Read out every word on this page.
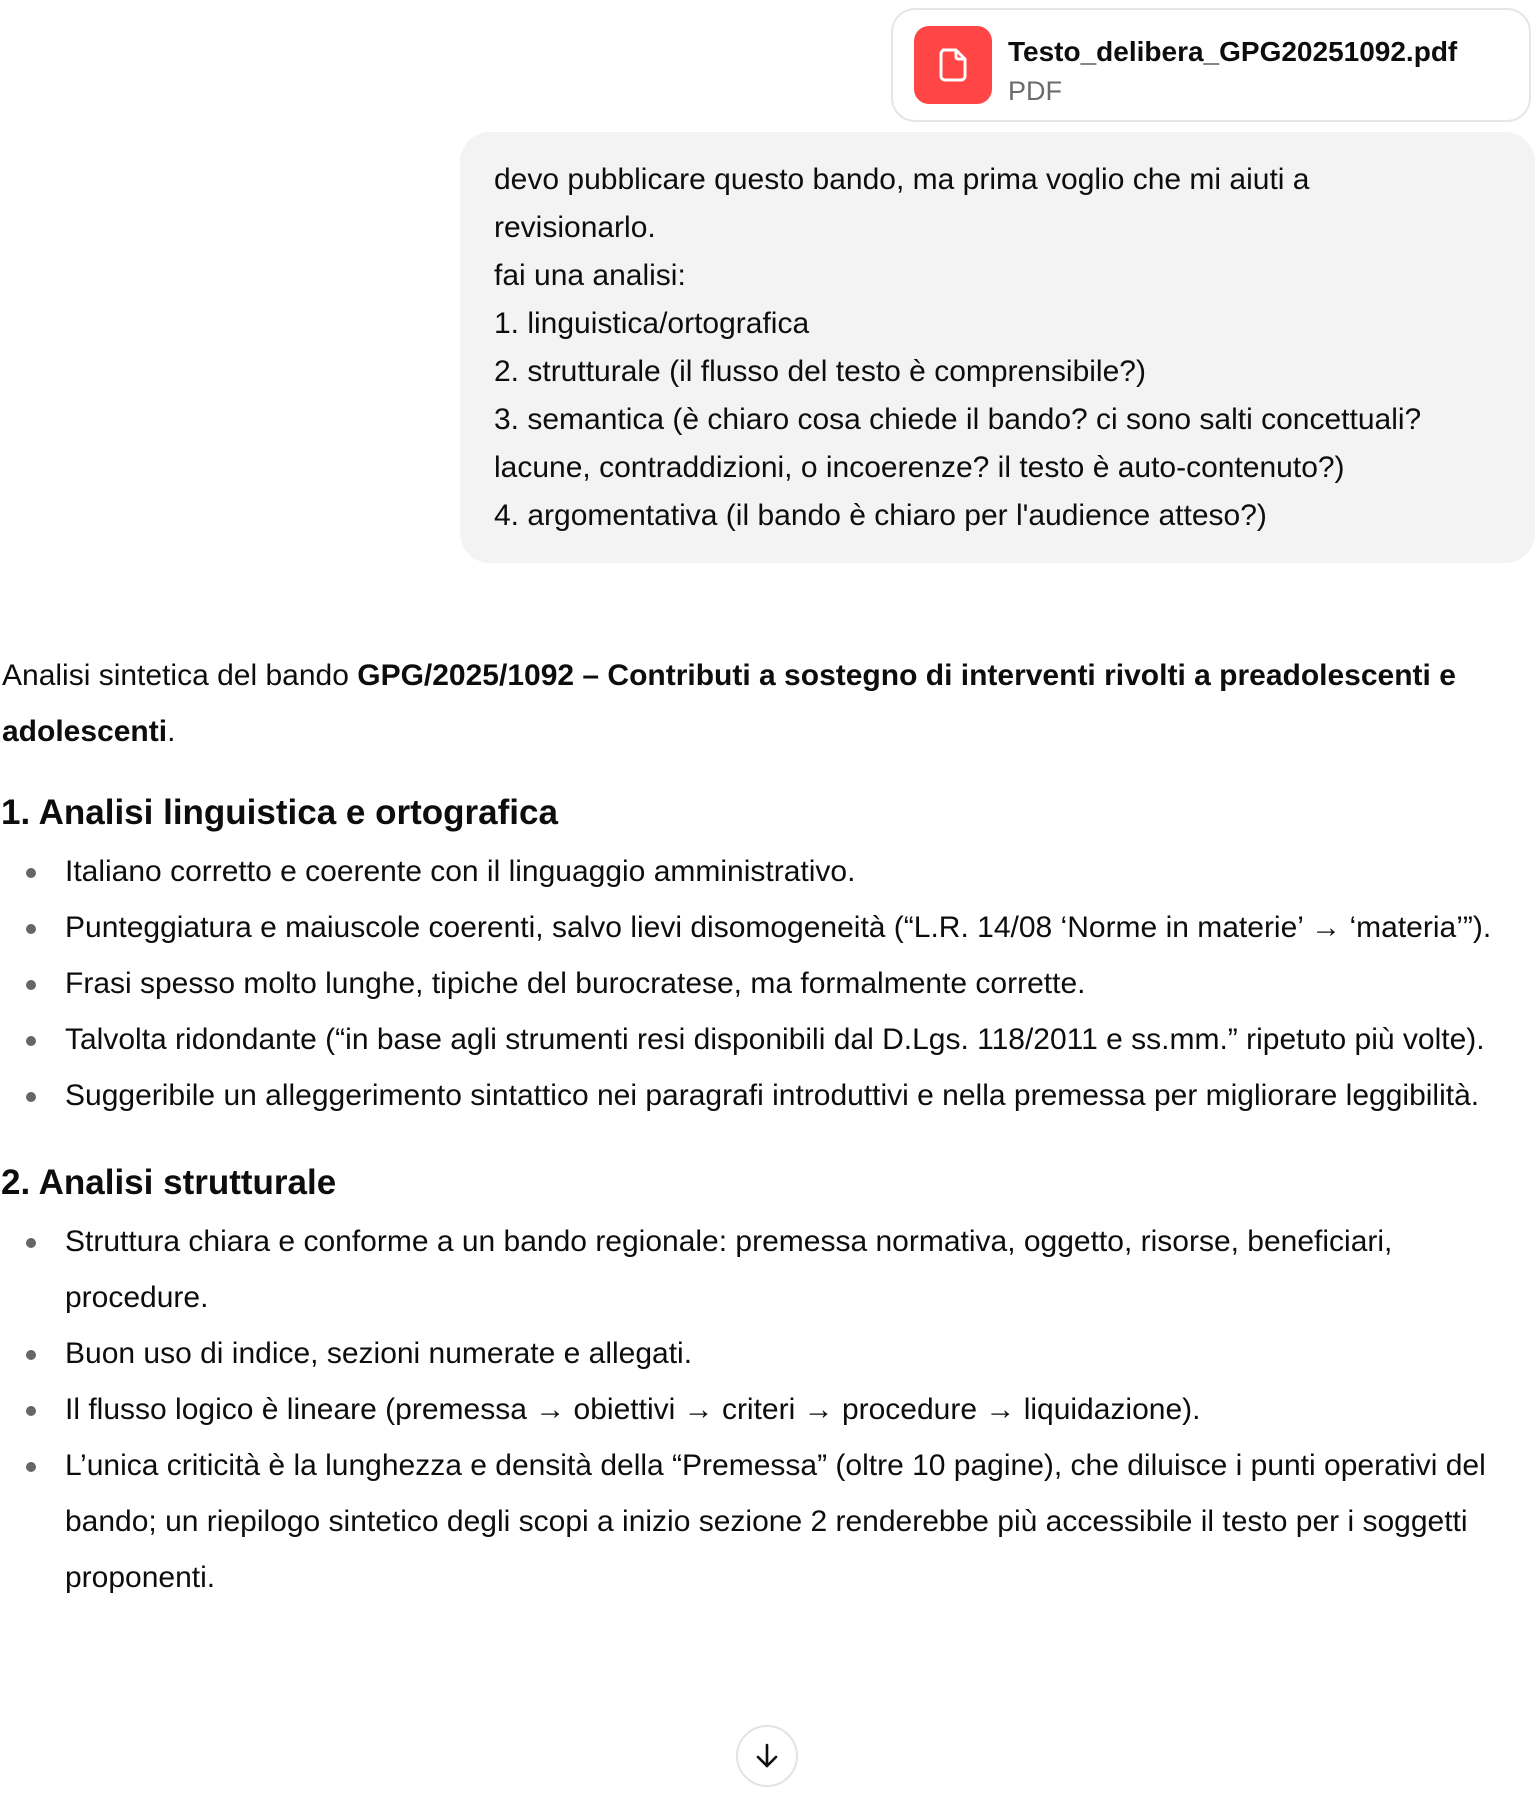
Testo_delibera_GPG20251092.pdf
PDF
devo pubblicare questo bando, ma prima voglio che mi aiuti a
revisionarlo.
fai una analisi:
1. linguistica/ortografica
2. strutturale (il flusso del testo è comprensibile?)
3. semantica (è chiaro cosa chiede il bando? ci sono salti concettuali?
lacune, contraddizioni, o incoerenze? il testo è auto-contenuto?)
4. argomentativa (il bando è chiaro per l'audience atteso?)

Analisi sintetica del bando GPG/2025/1092 – Contributi a sostegno di interventi rivolti a preadolescenti e adolescenti.

1. Analisi linguistica e ortografica
Italiano corretto e coerente con il linguaggio amministrativo.
Punteggiatura e maiuscole coerenti, salvo lievi disomogeneità (“L.R. 14/08 ‘Norme in materie’ → ‘materia’”).
Frasi spesso molto lunghe, tipiche del burocratese, ma formalmente corrette.
Talvolta ridondante (“in base agli strumenti resi disponibili dal D.Lgs. 118/2011 e ss.mm.” ripetuto più volte).
Suggeribile un alleggerimento sintattico nei paragrafi introduttivi e nella premessa per migliorare leggibilità.
2. Analisi strutturale
Struttura chiara e conforme a un bando regionale: premessa normativa, oggetto, risorse, beneficiari, procedure.
Buon uso di indice, sezioni numerate e allegati.
Il flusso logico è lineare (premessa → obiettivi → criteri → procedure → liquidazione).
L’unica criticità è la lunghezza e densità della “Premessa” (oltre 10 pagine), che diluisce i punti operativi del bando; un riepilogo sintetico degli scopi a inizio sezione 2 renderebbe più accessibile il testo per i soggetti proponenti.
